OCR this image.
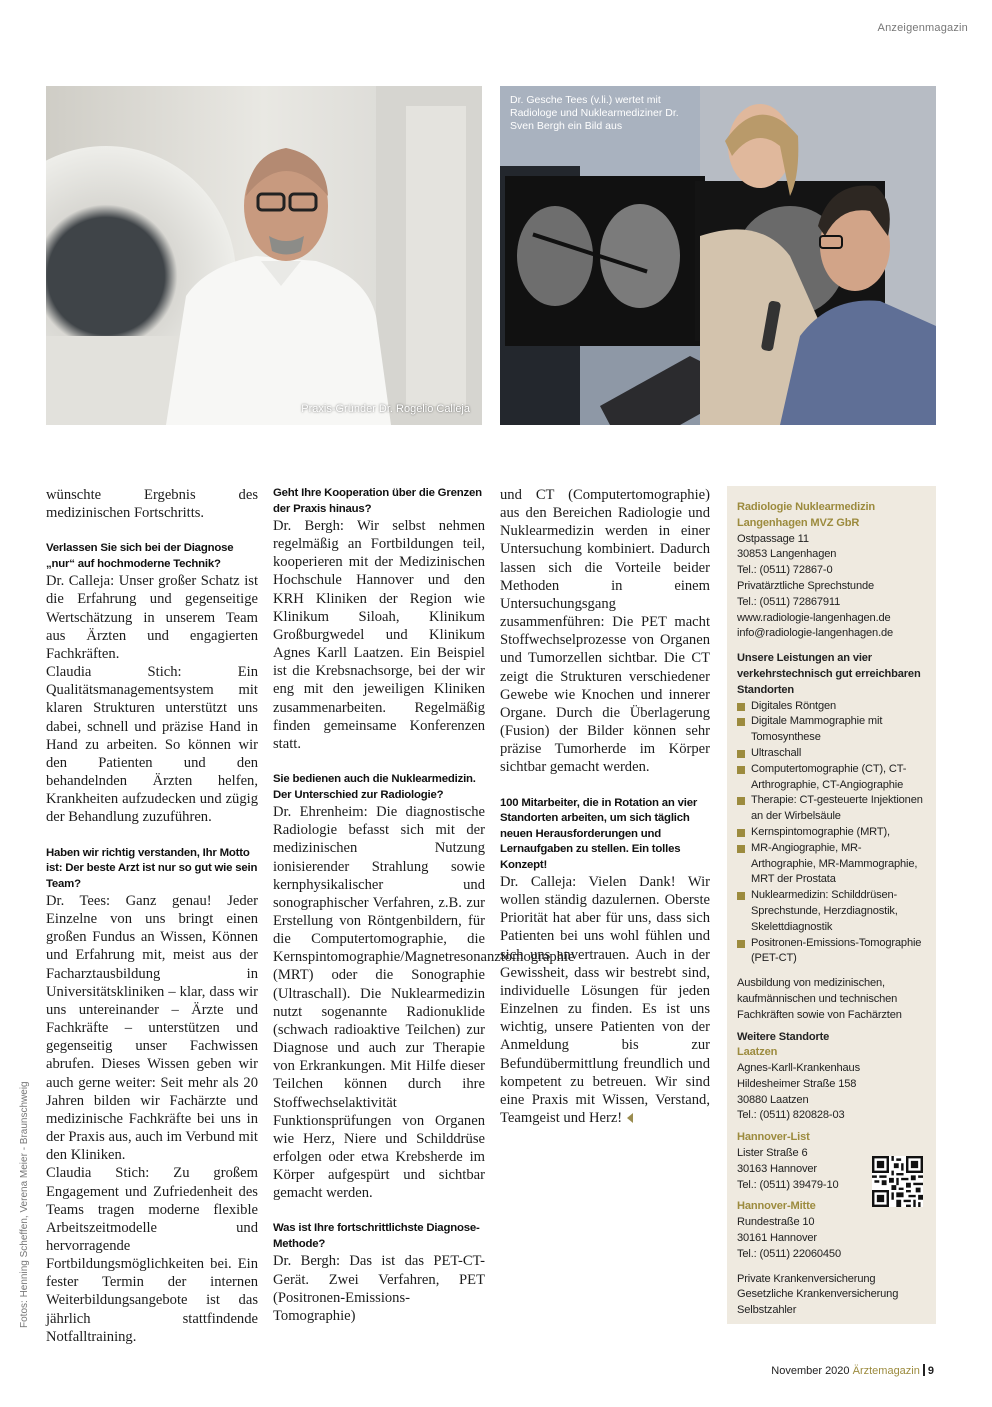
Anzeigenmagazin
Praxis-Gründer Dr. Rogelio Calleja
Dr. Gesche Tees (v.li.) wertet mit Radiologe und Nuklearmediziner Dr. Sven Bergh ein Bild aus

wünschte Ergebnis des medizinischen Fortschritts.

Verlassen Sie sich bei der Diagnose „nur“ auf hochmoderne Technik?

Dr. Calleja: Unser großer Schatz ist die Erfahrung und gegenseitige Wertschätzung in unserem Team aus Ärzten und engagierten Fachkräften.

Claudia Stich: Ein Qualitätsmanagementsystem mit klaren Strukturen unterstützt uns dabei, schnell und präzise Hand in Hand zu arbeiten. So können wir den Patienten und den behandelnden Ärzten helfen, Krankheiten aufzudecken und zügig der Behandlung zuzuführen.

Haben wir richtig verstanden, Ihr Motto ist: Der beste Arzt ist nur so gut wie sein Team?

Dr. Tees: Ganz genau! Jeder Einzelne von uns bringt einen großen Fundus an Wissen, Können und Erfahrung mit, meist aus der Facharztausbildung in Universitätskliniken – klar, dass wir uns untereinander – Ärzte und Fachkräfte – unterstützen und gegenseitig unser Fachwissen abrufen. Dieses Wissen geben wir auch gerne weiter: Seit mehr als 20 Jahren bilden wir Fachärzte und medizinische Fachkräfte bei uns in der Praxis aus, auch im Verbund mit den Kliniken.

Claudia Stich: Zu großem Engagement und Zufriedenheit des Teams tragen moderne flexible Arbeitszeitmodelle und hervorragende Fortbildungsmöglichkeiten bei. Ein fester Termin der internen Weiterbildungsangebote ist das jährlich stattfindende Notfalltraining.

Geht Ihre Kooperation über die Grenzen der Praxis hinaus?

Dr. Bergh: Wir selbst nehmen regelmäßig an Fortbildungen teil, kooperieren mit der Medizinischen Hochschule Hannover und den KRH Kliniken der Region wie Klinikum Siloah, Klinikum Großburgwedel und Klinikum Agnes Karll Laatzen. Ein Beispiel ist die Krebsnachsorge, bei der wir eng mit den jeweiligen Kliniken zusammenarbeiten. Regelmäßig finden gemeinsame Konferenzen statt.

Sie bedienen auch die Nuklearmedizin. Der Unterschied zur Radiologie?

Dr. Ehrenheim: Die diagnostische Radiologie befasst sich mit der medizinischen Nutzung ionisierender Strahlung sowie kernphysikalischer und sonographischer Verfahren, z.B. zur Erstellung von Röntgenbildern, für die Computertomographie, die Kernspintomographie/Magnetresonanztomographie (MRT) oder die Sonographie (Ultraschall). Die Nuklearmedizin nutzt sogenannte Radionuklide (schwach radioaktive Teilchen) zur Diagnose und auch zur Therapie von Erkrankungen. Mit Hilfe dieser Teilchen können durch ihre Stoffwechselaktivität Funktionsprüfungen von Organen wie Herz, Niere und Schilddrüse erfolgen oder etwa Krebsherde im Körper aufgespürt und sichtbar gemacht werden.

Was ist Ihre fortschrittlichste Diagnose-Methode?

Dr. Bergh: Das ist das PET-CT-Gerät. Zwei Verfahren, PET (Positronen-Emissions-Tomographie)

und CT (Computertomographie) aus den Bereichen Radiologie und Nuklearmedizin werden in einer Untersuchung kombiniert. Dadurch lassen sich die Vorteile beider Methoden in einem Untersuchungsgang zusammenführen: Die PET macht Stoffwechselprozesse von Organen und Tumorzellen sichtbar. Die CT zeigt die Strukturen verschiedener Gewebe wie Knochen und innerer Organe. Durch die Überlagerung (Fusion) der Bilder können sehr präzise Tumorherde im Körper sichtbar gemacht werden.

100 Mitarbeiter, die in Rotation an vier Standorten arbeiten, um sich täglich neuen Herausforderungen und Lernaufgaben zu stellen. Ein tolles Konzept!

Dr. Calleja: Vielen Dank! Wir wollen ständig dazulernen. Oberste Priorität hat aber für uns, dass sich Patienten bei uns wohl fühlen und sich uns anvertrauen. Auch in der Gewissheit, dass wir bestrebt sind, individuelle Lösungen für jeden Einzelnen zu finden. Es ist uns wichtig, unsere Patienten von der Anmeldung bis zur Befundübermittlung freundlich und kompetent zu betreuen. Wir sind eine Praxis mit Wissen, Verstand, Teamgeist und Herz!

Radiologie Nuklearmedizin Langenhagen MVZ GbR
Ostpassage 11
30853 Langenhagen
Tel.: (0511) 72867-0
Privatärztliche Sprechstunde
Tel.: (0511) 72867911
www.radiologie-langenhagen.de
info@radiologie-langenhagen.de
Unsere Leistungen an vier verkehrstechnisch gut erreichbaren Standorten
Digitales Röntgen
Digitale Mammographie mit Tomosynthese
Ultraschall
Computertomographie (CT), CT-Arthrographie, CT-Angiographie
Therapie: CT-gesteuerte Injektionen an der Wirbelsäule
Kernspintomographie (MRT),
MR-Angiographie, MR-Arthographie, MR-Mammographie, MRT der Prostata
Nuklearmedizin: Schilddrüsen-Sprechstunde, Herzdiagnostik, Skelettdiagnostik
Positronen-Emissions-Tomographie (PET-CT)
Ausbildung von medizinischen, kaufmännischen und technischen Fachkräften sowie von Fachärzten
Weitere Standorte
Laatzen
Agnes-Karll-Krankenhaus
Hildesheimer Straße 158
30880 Laatzen
Tel.: (0511) 820828-03
Hannover-List
Lister Straße 6
30163 Hannover
Tel.: (0511) 39479-10
Hannover-Mitte
Rundestraße 10
30161 Hannover
Tel.: (0511) 22060450
Private Krankenversicherung
Gesetzliche Krankenversicherung
Selbstzahler
Fotos: Henning Scheffen, Verena Meier - Braunschweig
November 2020 Ärztemagazin 9
